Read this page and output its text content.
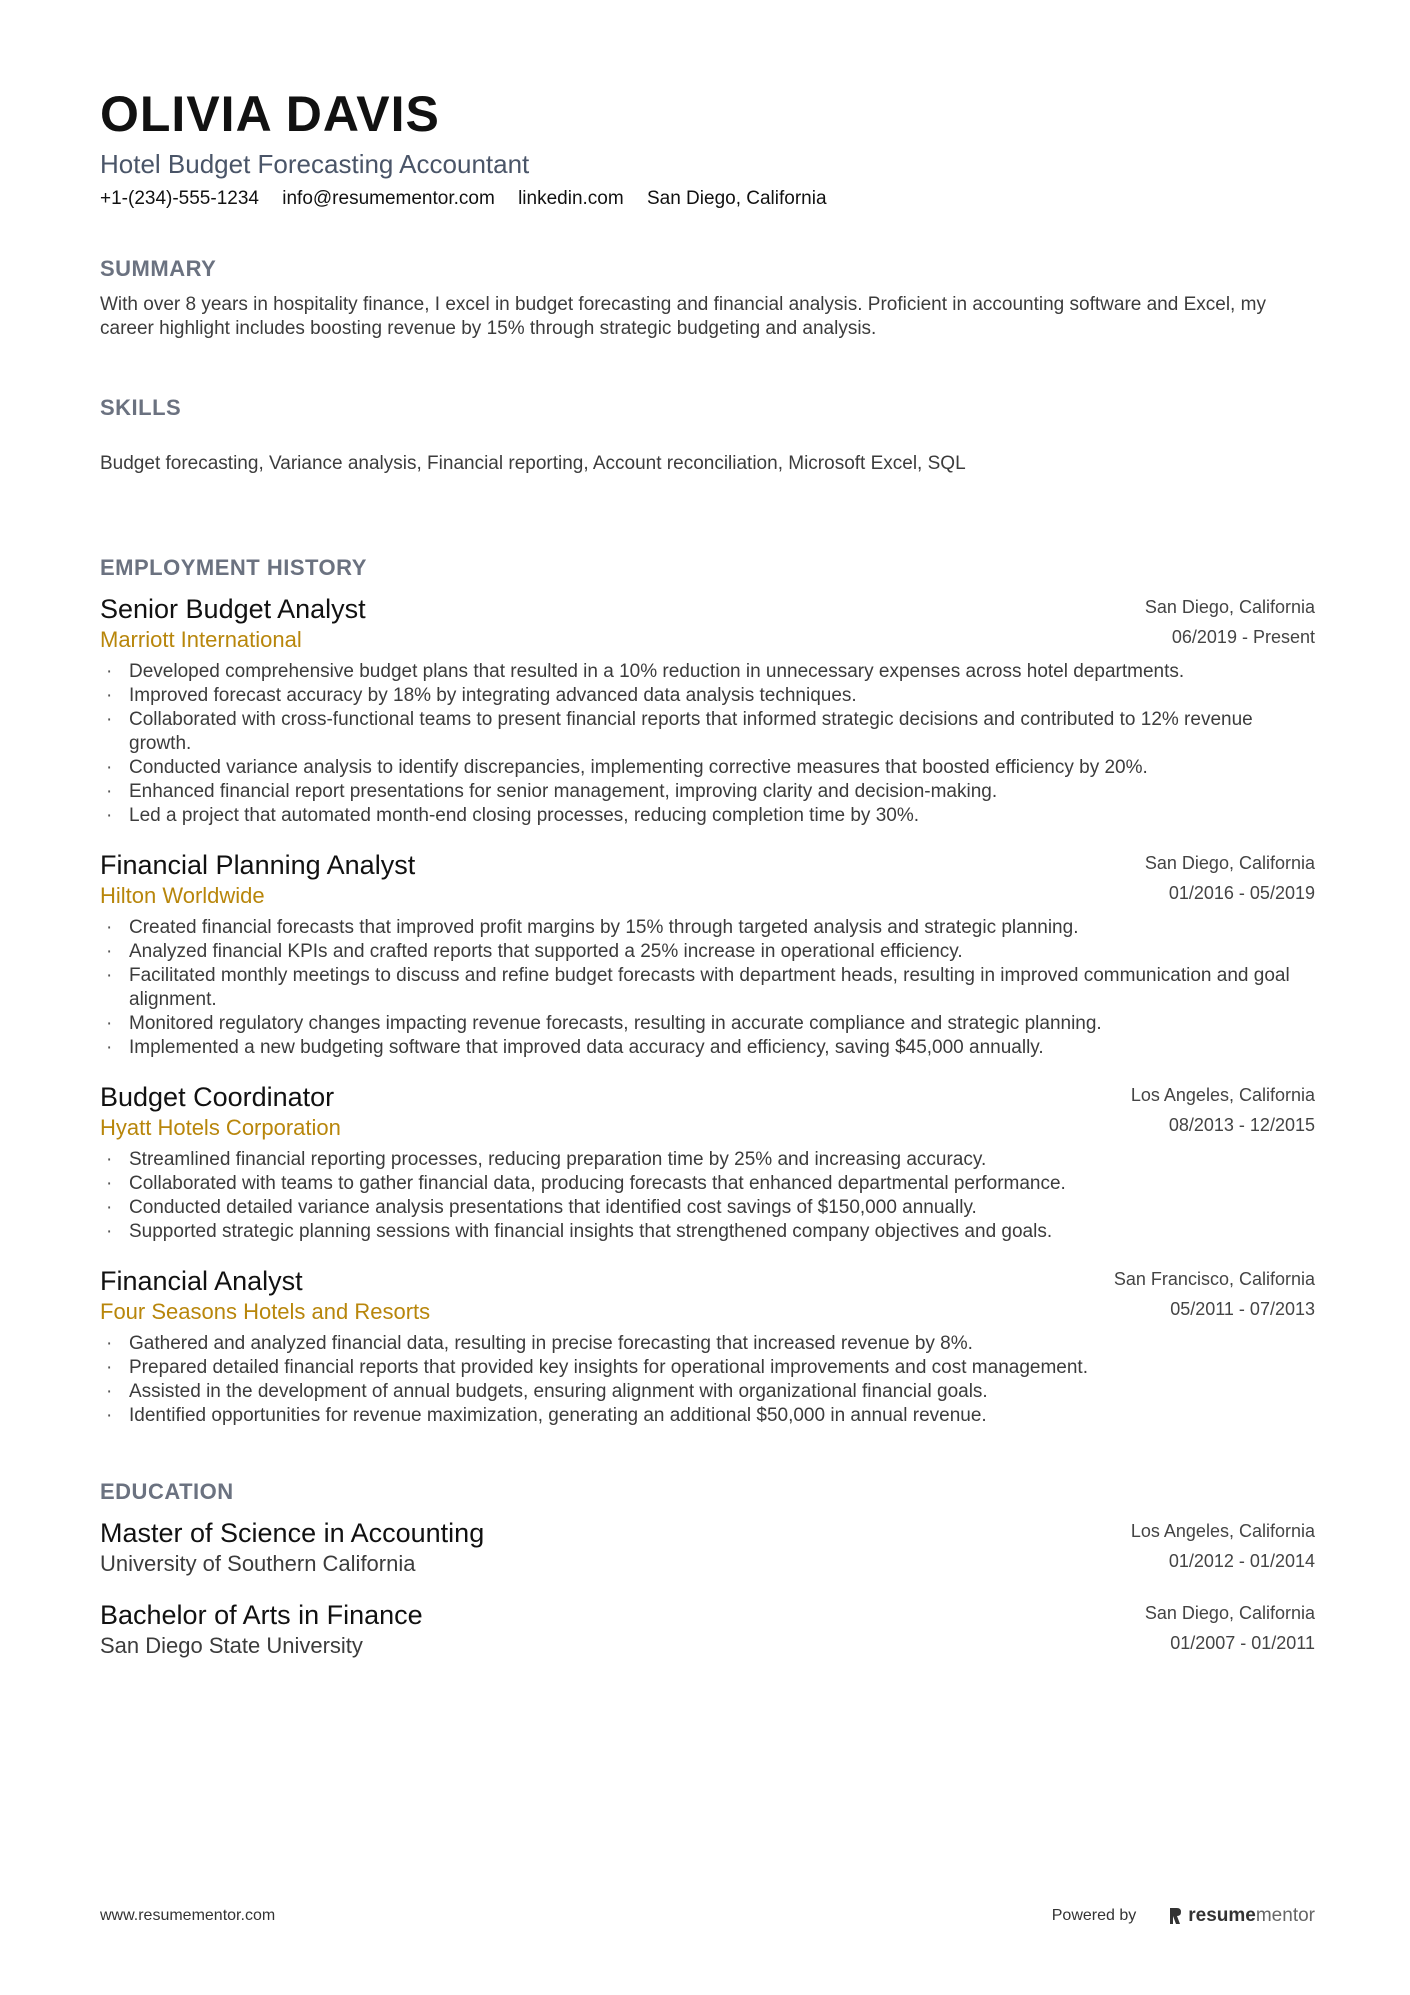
OLIVIA DAVIS
Hotel Budget Forecasting Accountant
+1-(234)-555-1234 info@resumementor.com linkedin.com San Diego, California
SUMMARY
With over 8 years in hospitality finance, I excel in budget forecasting and financial analysis. Proficient in accounting software and Excel, my career highlight includes boosting revenue by 15% through strategic budgeting and analysis.
SKILLS
Budget forecasting, Variance analysis, Financial reporting, Account reconciliation, Microsoft Excel, SQL
EMPLOYMENT HISTORY
Senior Budget Analyst
Marriott International
San Diego, California
06/2019 - Present
· Developed comprehensive budget plans that resulted in a 10% reduction in unnecessary expenses across hotel departments.
· Improved forecast accuracy by 18% by integrating advanced data analysis techniques.
· Collaborated with cross-functional teams to present financial reports that informed strategic decisions and contributed to 12% revenue growth.
· Conducted variance analysis to identify discrepancies, implementing corrective measures that boosted efficiency by 20%.
· Enhanced financial report presentations for senior management, improving clarity and decision-making.
· Led a project that automated month-end closing processes, reducing completion time by 30%.
Financial Planning Analyst
Hilton Worldwide
San Diego, California
01/2016 - 05/2019
· Created financial forecasts that improved profit margins by 15% through targeted analysis and strategic planning.
· Analyzed financial KPIs and crafted reports that supported a 25% increase in operational efficiency.
· Facilitated monthly meetings to discuss and refine budget forecasts with department heads, resulting in improved communication and goal alignment.
· Monitored regulatory changes impacting revenue forecasts, resulting in accurate compliance and strategic planning.
· Implemented a new budgeting software that improved data accuracy and efficiency, saving $45,000 annually.
Budget Coordinator
Hyatt Hotels Corporation
Los Angeles, California
08/2013 - 12/2015
· Streamlined financial reporting processes, reducing preparation time by 25% and increasing accuracy.
· Collaborated with teams to gather financial data, producing forecasts that enhanced departmental performance.
· Conducted detailed variance analysis presentations that identified cost savings of $150,000 annually.
· Supported strategic planning sessions with financial insights that strengthened company objectives and goals.
Financial Analyst
Four Seasons Hotels and Resorts
San Francisco, California
05/2011 - 07/2013
· Gathered and analyzed financial data, resulting in precise forecasting that increased revenue by 8%.
· Prepared detailed financial reports that provided key insights for operational improvements and cost management.
· Assisted in the development of annual budgets, ensuring alignment with organizational financial goals.
· Identified opportunities for revenue maximization, generating an additional $50,000 in annual revenue.
EDUCATION
Master of Science in Accounting
University of Southern California
Los Angeles, California
01/2012 - 01/2014
Bachelor of Arts in Finance
San Diego State University
San Diego, California
01/2007 - 01/2011
www.resumementor.com	Powered by	resumementor
